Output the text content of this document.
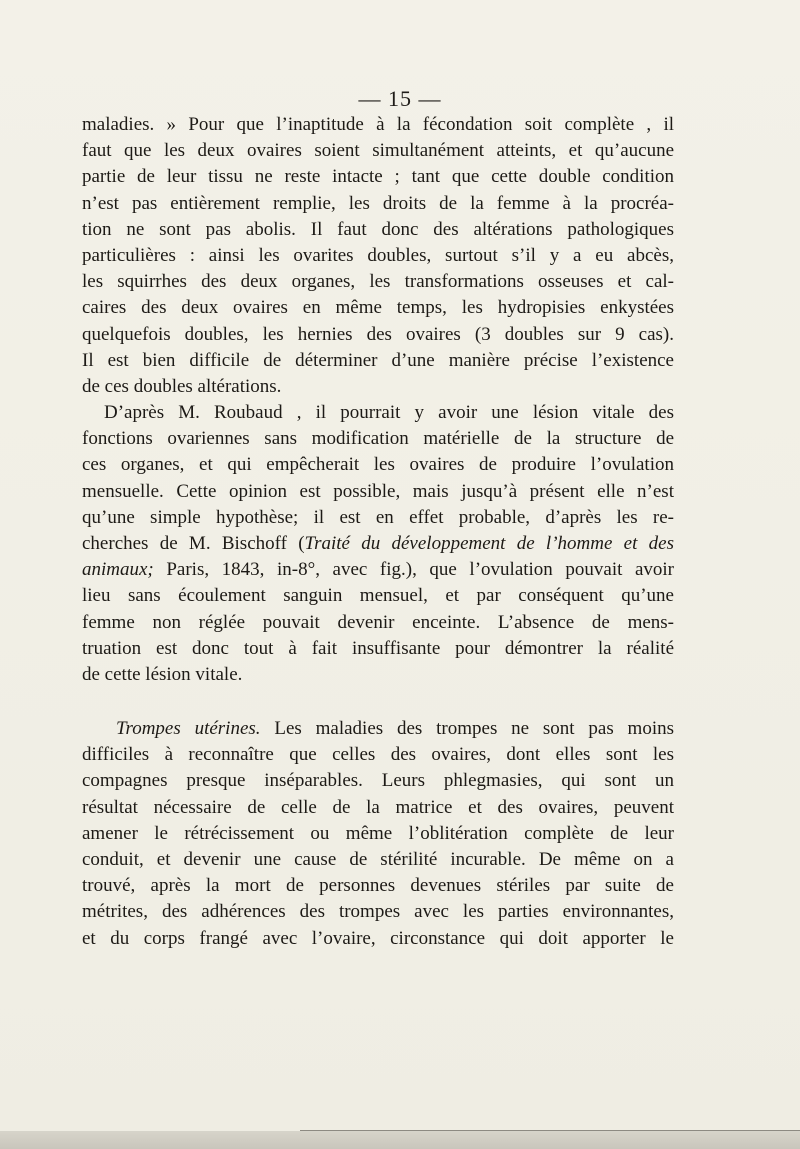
— 15 —
maladies. » Pour que l’inaptitude à la fécondation soit complète , il
faut que les deux ovaires soient simultanément atteints, et qu’aucune
partie de leur tissu ne reste intacte ; tant que cette double condition
n’est pas entièrement remplie, les droits de la femme à la procréa-
tion ne sont pas abolis. Il faut donc des altérations pathologiques
particulières : ainsi les ovarites doubles, surtout s’il y a eu abcès,
les squirrhes des deux organes, les transformations osseuses et cal-
caires des deux ovaires en même temps, les hydropisies enkystées
quelquefois doubles, les hernies des ovaires (3 doubles sur 9 cas).
Il est bien difficile de déterminer d’une manière précise l’existence
de ces doubles altérations.
D’après M. Roubaud , il pourrait y avoir une lésion vitale des
fonctions ovariennes sans modification matérielle de la structure de
ces organes, et qui empêcherait les ovaires de produire l’ovulation
mensuelle. Cette opinion est possible, mais jusqu’à présent elle n’est
qu’une simple hypothèse; il est en effet probable, d’après les re-
cherches de M. Bischoff (Traité du développement de l’homme et des
animaux; Paris, 1843, in-8°, avec fig.), que l’ovulation pouvait avoir
lieu sans écoulement sanguin mensuel, et par conséquent qu’une
femme non réglée pouvait devenir enceinte. L’absence de mens-
truation est donc tout à fait insuffisante pour démontrer la réalité
de cette lésion vitale.
Trompes utérines. Les maladies des trompes ne sont pas moins
difficiles à reconnaître que celles des ovaires, dont elles sont les
compagnes presque inséparables. Leurs phlegmasies, qui sont un
résultat nécessaire de celle de la matrice et des ovaires, peuvent
amener le rétrécissement ou même l’oblitération complète de leur
conduit, et devenir une cause de stérilité incurable. De même on a
trouvé, après la mort de personnes devenues stériles par suite de
métrites, des adhérences des trompes avec les parties environnantes,
et du corps frangé avec l’ovaire, circonstance qui doit apporter le
